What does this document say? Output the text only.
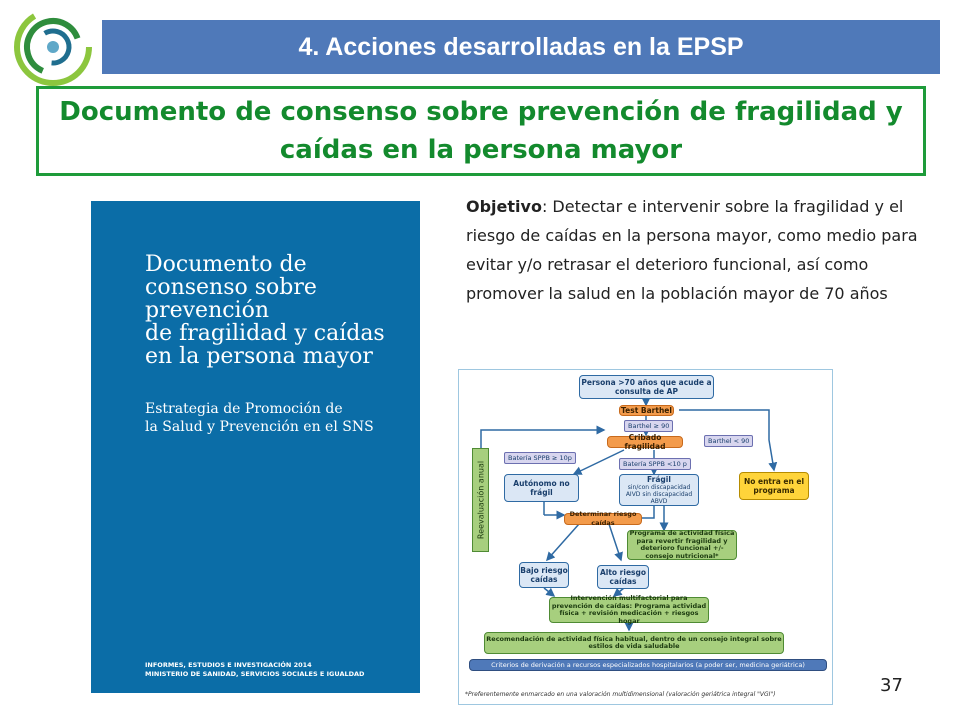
4. Acciones desarrolladas en la EPSP
Documento de consenso sobre prevención de fragilidad y caídas en la persona mayor
Documento de
consenso sobre
prevención
de fragilidad y caídas
en la persona mayor
Estrategia de Promoción de
la Salud y Prevención en el SNS
INFORMES, ESTUDIOS E INVESTIGACIÓN 2014
MINISTERIO DE SANIDAD, SERVICIOS SOCIALES E IGUALDAD
Objetivo: Detectar e intervenir sobre la fragilidad y el riesgo de caídas en la persona mayor, como medio para evitar y/o retrasar el deterioro funcional, así como promover la salud en la población mayor de 70 años
Persona >70 años que acude a consulta de AP
Test Barthel
Barthel ≥ 90
Barthel < 90
Cribado fragilidad
Batería SPPB ≥ 10p
Batería SPPB <10 p
Autónomo no frágil
Frágil
sin/con discapacidad AIVD sin discapacidad ABVD
No entra en el programa
Determinar riesgo caídas
Programa de actividad física para revertir fragilidad y deterioro funcional +/- consejo nutricional*
Bajo riesgo caídas
Alto riesgo caídas
Intervención multifactorial para prevención de caídas: Programa actividad física + revisión medicación + riesgos hogar
Recomendación de actividad física habitual, dentro de un consejo integral sobre estilos de vida saludable
Criterios de derivación a recursos especializados hospitalarios (a poder ser, medicina geriátrica)
Reevaluación anual
*Preferentemente enmarcado en una valoración multidimensional (valoración geriátrica integral "VGI")	37
